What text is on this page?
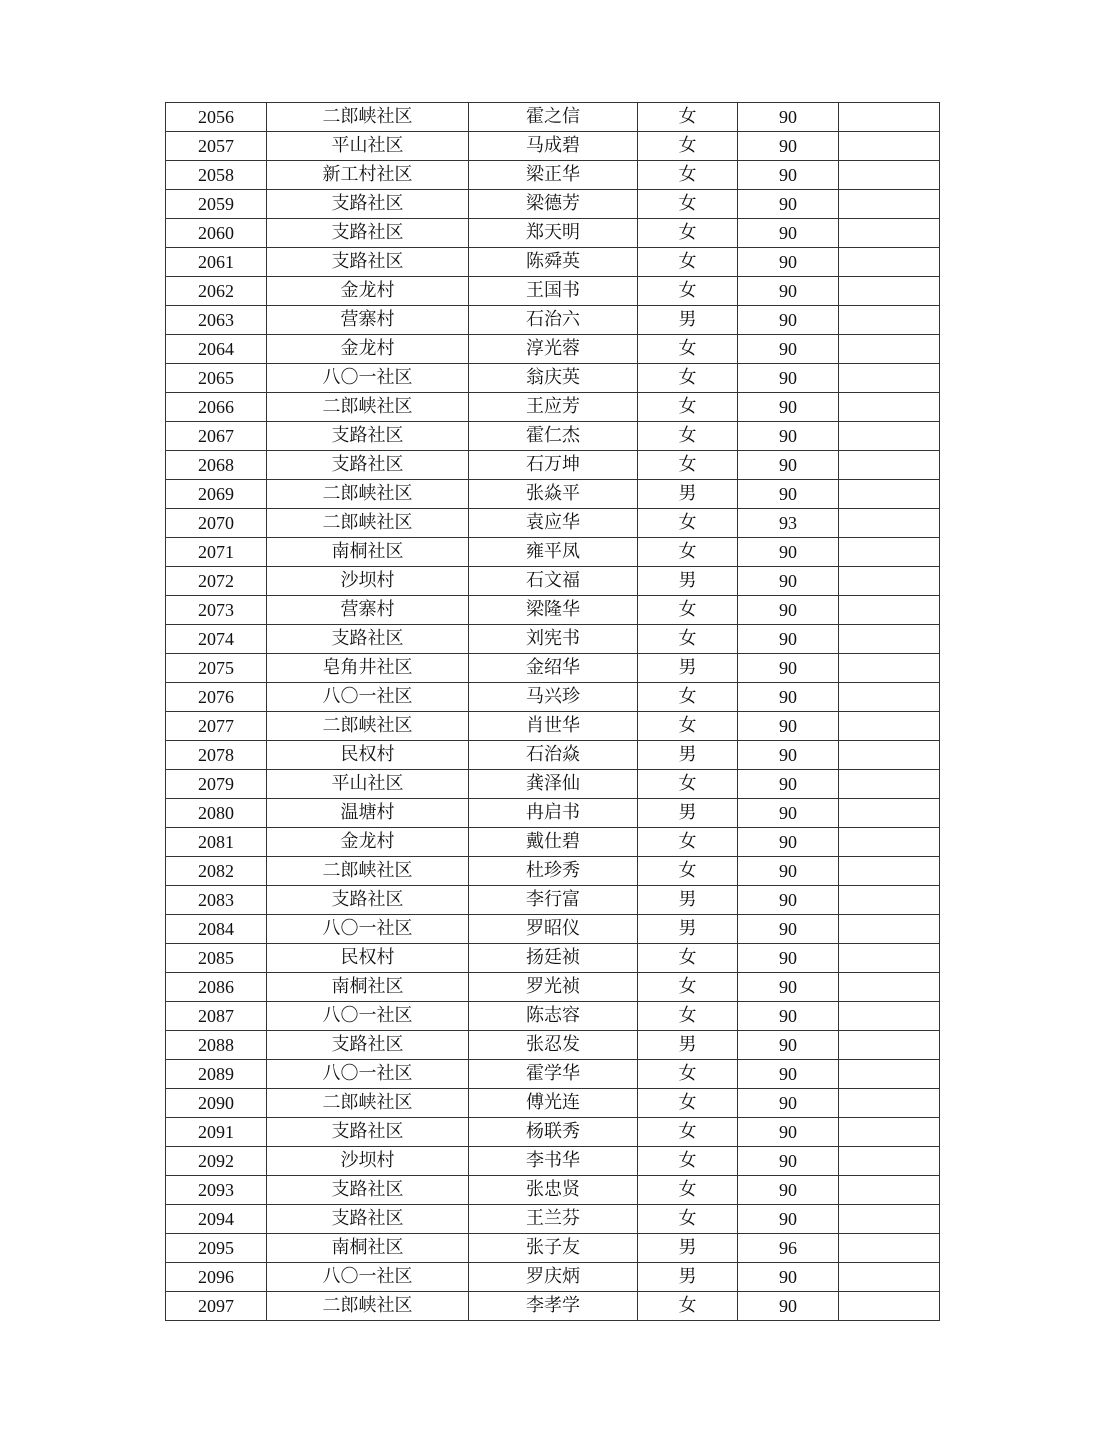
2056	二郎峡社区	霍之信	女	90	
2057	平山社区	马成碧	女	90	
2058	新工村社区	梁正华	女	90	
2059	支路社区	梁德芳	女	90	
2060	支路社区	郑天明	女	90	
2061	支路社区	陈舜英	女	90	
2062	金龙村	王国书	女	90	
2063	营寨村	石治六	男	90	
2064	金龙村	淳光蓉	女	90	
2065	八〇一社区	翁庆英	女	90	
2066	二郎峡社区	王应芳	女	90	
2067	支路社区	霍仁杰	女	90	
2068	支路社区	石万坤	女	90	
2069	二郎峡社区	张焱平	男	90	
2070	二郎峡社区	袁应华	女	93	
2071	南桐社区	雍平凤	女	90	
2072	沙坝村	石文福	男	90	
2073	营寨村	梁隆华	女	90	
2074	支路社区	刘宪书	女	90	
2075	皂角井社区	金绍华	男	90	
2076	八〇一社区	马兴珍	女	90	
2077	二郎峡社区	肖世华	女	90	
2078	民权村	石治焱	男	90	
2079	平山社区	龚泽仙	女	90	
2080	温塘村	冉启书	男	90	
2081	金龙村	戴仕碧	女	90	
2082	二郎峡社区	杜珍秀	女	90	
2083	支路社区	李行富	男	90	
2084	八〇一社区	罗昭仪	男	90	
2085	民权村	扬廷祯	女	90	
2086	南桐社区	罗光祯	女	90	
2087	八〇一社区	陈志容	女	90	
2088	支路社区	张忍发	男	90	
2089	八〇一社区	霍学华	女	90	
2090	二郎峡社区	傅光连	女	90	
2091	支路社区	杨联秀	女	90	
2092	沙坝村	李书华	女	90	
2093	支路社区	张忠贤	女	90	
2094	支路社区	王兰芬	女	90	
2095	南桐社区	张子友	男	96	
2096	八〇一社区	罗庆炳	男	90	
2097	二郎峡社区	李孝学	女	90	
